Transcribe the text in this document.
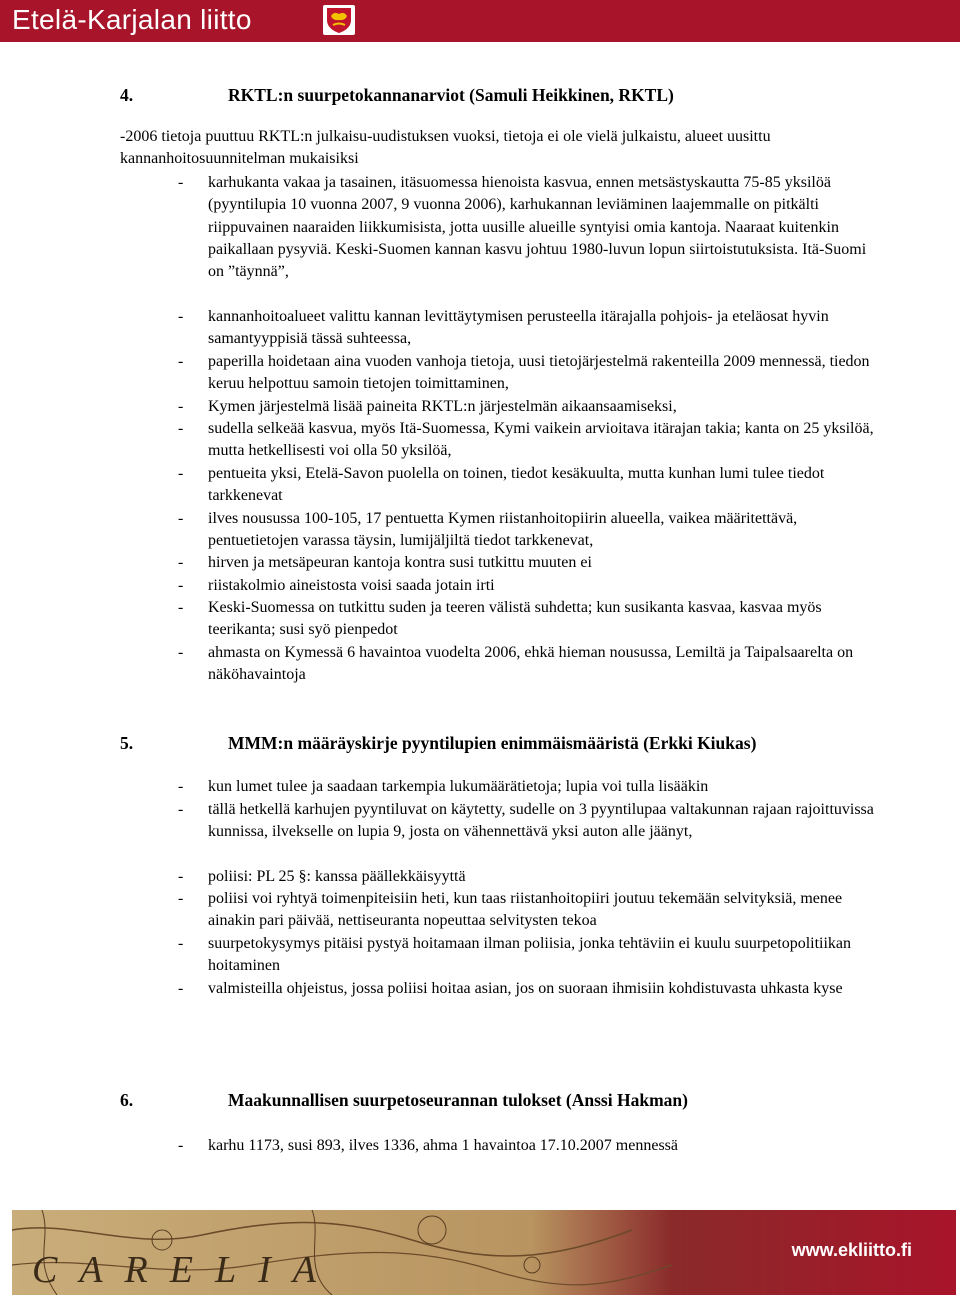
Etelä-Karjalan liitto
4.	RKTL:n suurpetokannanarviot (Samuli Heikkinen, RKTL)
-2006 tietoja puuttuu RKTL:n julkaisu-uudistuksen vuoksi, tietoja ei ole vielä julkaistu, alueet uusittu kannanhoitosuunnitelman mukaisiksi
- karhukanta vakaa ja tasainen, itäsuomessa hienoista kasvua, ennen metsästyskautta 75-85 yksilöä (pyyntilupia 10 vuonna 2007, 9 vuonna 2006), karhukannan leviäminen laajemmalle on pitkälti riippuvainen naaraiden liikkumisista, jotta uusille alueille syntyisi omia kantoja. Naaraat kuitenkin paikallaan pysyviä. Keski-Suomen kannan kasvu johtuu 1980-luvun lopun siirtoistutuksista. Itä-Suomi on ”täynnä”,
- kannanhoitoalueet valittu kannan levittäytymisen perusteella itärajalla pohjois- ja eteläosat hyvin samantyyppisiä tässä suhteessa,
- paperilla hoidetaan aina vuoden vanhoja tietoja, uusi tietojärjestelmä rakenteilla 2009 mennessä, tiedon keruu helpottuu samoin tietojen toimittaminen,
- Kymen järjestelmä lisää paineita RKTL:n järjestelmän aikaansaamiseksi,
- sudella selkeää kasvua, myös Itä-Suomessa, Kymi vaikein arvioitava itärajan takia; kanta on 25 yksilöä, mutta hetkellisesti voi olla 50 yksilöä,
- pentueita yksi, Etelä-Savon puolella on toinen, tiedot kesäkuulta, mutta kunhan lumi tulee tiedot tarkkenevat
- ilves nousussa 100-105, 17 pentuetta Kymen riistanhoitopiirin alueella, vaikea määritettävä, pentuetietojen varassa täysin, lumijäljiltä tiedot tarkkenevat,
- hirven ja metsäpeuran kantoja kontra susi tutkittu muuten ei
- riistakolmio aineistosta voisi saada jotain irti
- Keski-Suomessa on tutkittu suden ja teeren välistä suhdetta; kun susikanta kasvaa, kasvaa myös teerikanta; susi syö pienpedot
- ahmasta on Kymessä 6 havaintoa vuodelta 2006, ehkä hieman nousussa, Lemiltä ja Taipalsaarelta on näköhavaintoja
5.	MMM:n määräyskirje pyyntilupien enimmäismääristä (Erkki Kiukas)
- kun lumet tulee ja saadaan tarkempia lukumäärätietoja; lupia voi tulla lisääkin
- tällä hetkellä karhujen pyyntiluvat on käytetty, sudelle on 3 pyyntilupaa valtakunnan rajaan rajoittuvissa kunnissa, ilvekselle on lupia 9, josta on vähennettävä yksi auton alle jäänyt,
- poliisi: PL 25 §: kanssa päällekkäisyyttä
- poliisi voi ryhtyä toimenpiteisiin heti, kun taas riistanhoitopiiri joutuu tekemään selvityksiä, menee ainakin pari päivää, nettiseuranta nopeuttaa selvitysten tekoa
- suurpetokysymys pitäisi pystyä hoitamaan ilman poliisia, jonka tehtäviin ei kuulu suurpetopolitiikan hoitaminen
- valmisteilla ohjeistus, jossa poliisi hoitaa asian, jos on suoraan ihmisiin kohdistuvasta uhkasta kyse
6.	Maakunnallisen suurpetoseurannan tulokset (Anssi Hakman)
- karhu 1173, susi 893, ilves 1336, ahma 1 havaintoa 17.10.2007 mennessä
CARELIA	www.ekliitto.fi
